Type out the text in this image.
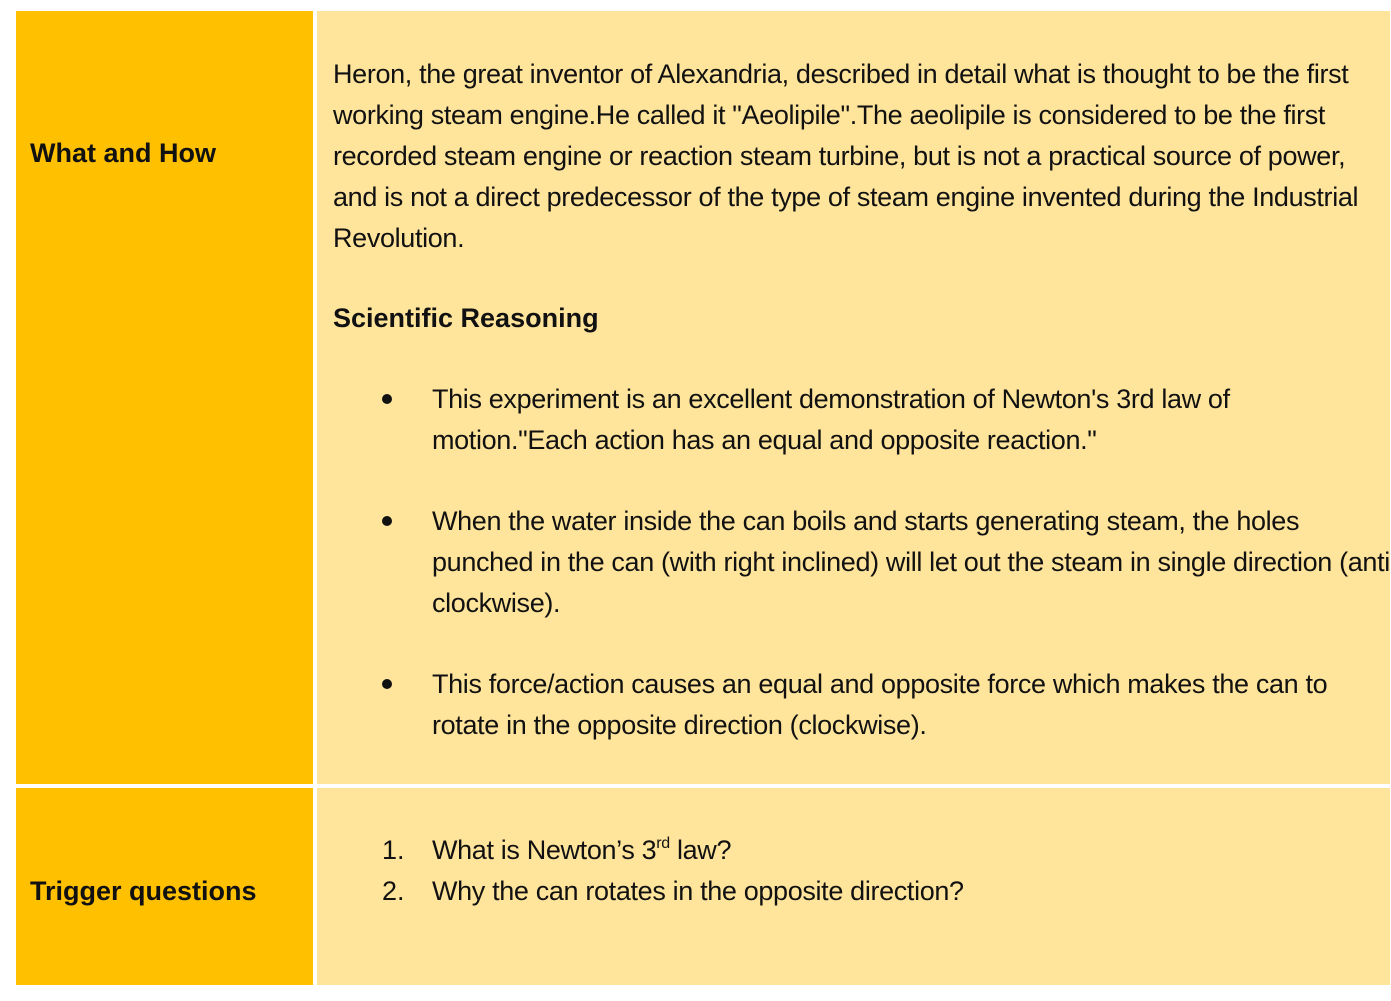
What and How

Heron, the great inventor of Alexandria, described in detail what is thought to be the first working steam engine.He called it "Aeolipile".The aeolipile is considered to be the first recorded steam engine or reaction steam turbine, but is not a practical source of power, and is not a direct predecessor of the type of steam engine invented during the Industrial Revolution.

Scientific Reasoning
This experiment is an excellent demonstration of Newton's 3rd law of motion."Each action has an equal and opposite reaction."
When the water inside the can boils and starts generating steam, the holes punched in the can (with right inclined) will let out the steam in single direction (anti clockwise).
This force/action causes an equal and opposite force which makes the can to rotate in the opposite direction (clockwise).
Trigger questions
1. What is Newton’s 3rd law?
2. Why the can rotates in the opposite direction?
